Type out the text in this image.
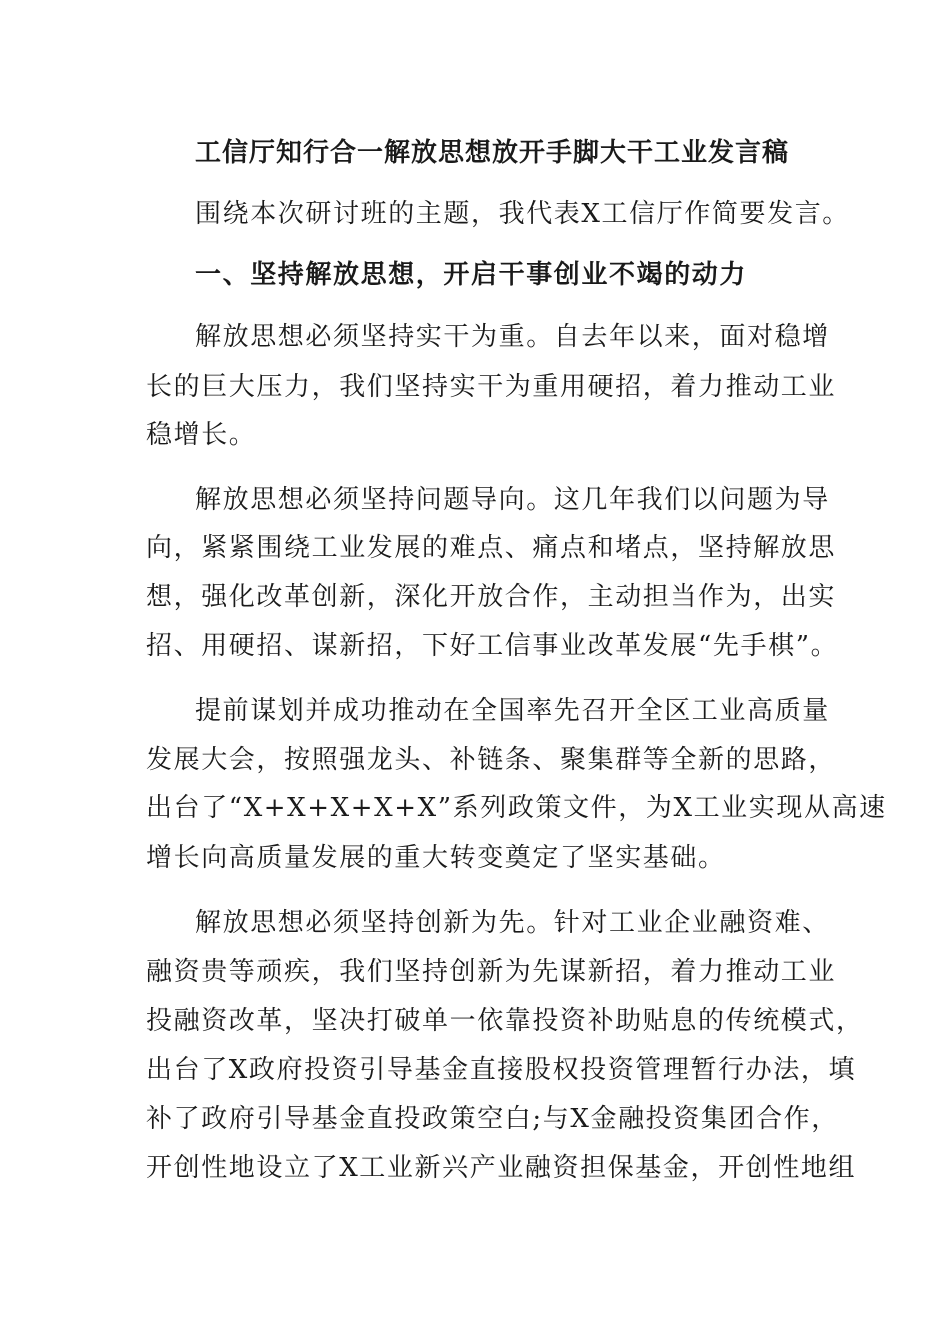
工信厅知行合一解放思想放开手脚大干工业发言稿
围绕本次研讨班的主题，我代表X工信厅作简要发言。
一、坚持解放思想，开启干事创业不竭的动力
解放思想必须坚持实干为重。自去年以来，面对稳增
长的巨大压力，我们坚持实干为重用硬招，着力推动工业
稳增长。
解放思想必须坚持问题导向。这几年我们以问题为导
向，紧紧围绕工业发展的难点、痛点和堵点，坚持解放思
想，强化改革创新，深化开放合作，主动担当作为，出实
招、用硬招、谋新招，下好工信事业改革发展“先手棋”。
提前谋划并成功推动在全国率先召开全区工业高质量
发展大会，按照强龙头、补链条、聚集群等全新的思路，
出台了“X+X+X+X+X”系列政策文件，为X工业实现从高速
增长向高质量发展的重大转变奠定了坚实基础。
解放思想必须坚持创新为先。针对工业企业融资难、
融资贵等顽疾，我们坚持创新为先谋新招，着力推动工业
投融资改革，坚决打破单一依靠投资补助贴息的传统模式，
出台了X政府投资引导基金直接股权投资管理暂行办法，填
补了政府引导基金直投政策空白;与X金融投资集团合作，
开创性地设立了X工业新兴产业融资担保基金，开创性地组
